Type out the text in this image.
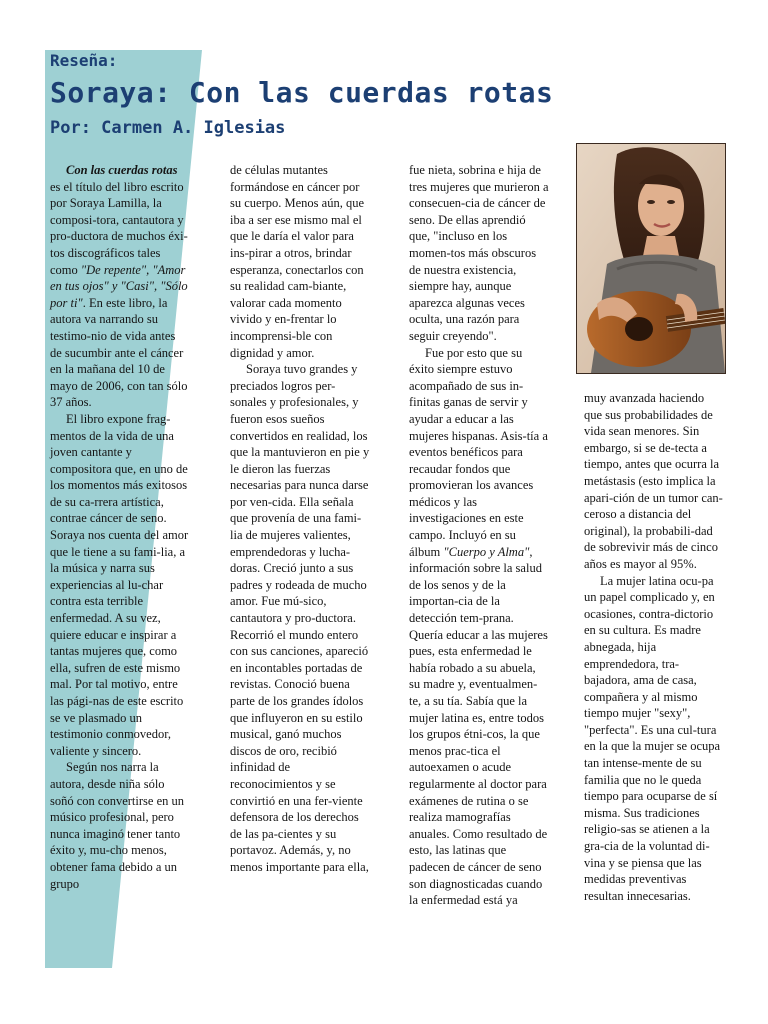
Reseña:
Soraya: Con las cuerdas rotas
Por: Carmen A. Iglesias

Con las cuerdas rotas es el título del libro escrito por Soraya Lamilla, la composi-tora, cantautora y pro-ductora de muchos éxi-tos discográficos tales como "De repente", "Amor en tus ojos" y "Casi", "Sólo por ti". En este libro, la autora va narrando su testimo-nio de vida antes de sucumbir ante el cáncer en la mañana del 10 de mayo de 2006, con tan sólo 37 años.

El libro expone frag-mentos de la vida de una joven cantante y compositora que, en uno de los momentos más exitosos de su ca-rrera artística, contrae cáncer de seno. Soraya nos cuenta del amor que le tiene a su fami-lia, a la música y narra sus experiencias al lu-char contra esta terrible enfermedad. A su vez, quiere educar e inspirar a tantas mujeres que, como ella, sufren de este mismo mal. Por tal motivo, entre las pági-nas de este escrito se ve plasmado un testimonio conmovedor, valiente y sincero.

Según nos narra la autora, desde niña sólo soñó con convertirse en un músico profesional, pero nunca imaginó tener tanto éxito y, mu-cho menos, obtener fama debido a un grupo

de células mutantes formándose en cáncer por su cuerpo. Menos aún, que iba a ser ese mismo mal el que le daría el valor para ins-pirar a otros, brindar esperanza, conectarlos con su realidad cam-biante, valorar cada momento vivido y en-frentar lo incomprensi-ble con dignidad y amor.

Soraya tuvo grandes y preciados logros per-sonales y profesionales, y fueron esos sueños convertidos en realidad, los que la mantuvieron en pie y le dieron las fuerzas necesarias para nunca darse por ven-cida. Ella señala que provenía de una fami-lia de mujeres valientes, emprendedoras y lucha-doras. Creció junto a sus padres y rodeada de mucho amor. Fue mú-sico, cantautora y pro-ductora. Recorrió el mundo entero con sus canciones, apareció en incontables portadas de revistas. Conoció buena parte de los grandes ídolos que influyeron en su estilo musical, ganó muchos discos de oro, recibió infinidad de reconocimientos y se convirtió en una fer-viente defensora de los derechos de las pa-cientes y su portavoz. Además, y, no menos importante para ella,

fue nieta, sobrina e hija de tres mujeres que murieron a consecuen-cia de cáncer de seno. De ellas aprendió que, "incluso en los momen-tos más obscuros de nuestra existencia, siempre hay, aunque aparezca algunas veces oculta, una razón para seguir creyendo".

Fue por esto que su éxito siempre estuvo acompañado de sus in-finitas ganas de servir y ayudar a educar a las mujeres hispanas. Asis-tía a eventos benéficos para recaudar fondos que promovieran los avances médicos y las investigaciones en este campo. Incluyó en su álbum "Cuerpo y Alma", información sobre la salud de los senos y de la importan-cia de la detección tem-prana. Quería educar a las mujeres pues, esta enfermedad le había robado a su abuela, su madre y, eventualmen-te, a su tía. Sabía que la mujer latina es, entre todos los grupos étni-cos, la que menos prac-tica el autoexamen o acude regularmente al doctor para exámenes de rutina o se realiza mamografías anuales. Como resultado de esto, las latinas que padecen de cáncer de seno son diagnosticadas cuando la enfermedad está ya

muy avanzada haciendo que sus probabilidades de vida sean menores. Sin embargo, si se de-tecta a tiempo, antes que ocurra la metástasis (esto implica la apari-ción de un tumor can-ceroso a distancia del original), la probabili-dad de sobrevivir más de cinco años es mayor al 95%.

La mujer latina ocu-pa un papel complicado y, en ocasiones, contra-dictorio en su cultura. Es madre abnegada, hija emprendedora, tra-bajadora, ama de casa, compañera y al mismo tiempo mujer "sexy", "perfecta". Es una cul-tura en la que la mujer se ocupa tan intense-mente de su familia que no le queda tiempo para ocuparse de sí misma. Sus tradiciones religio-sas se atienen a la gra-cia de la voluntad di-vina y se piensa que las medidas preventivas resultan innecesarias.
